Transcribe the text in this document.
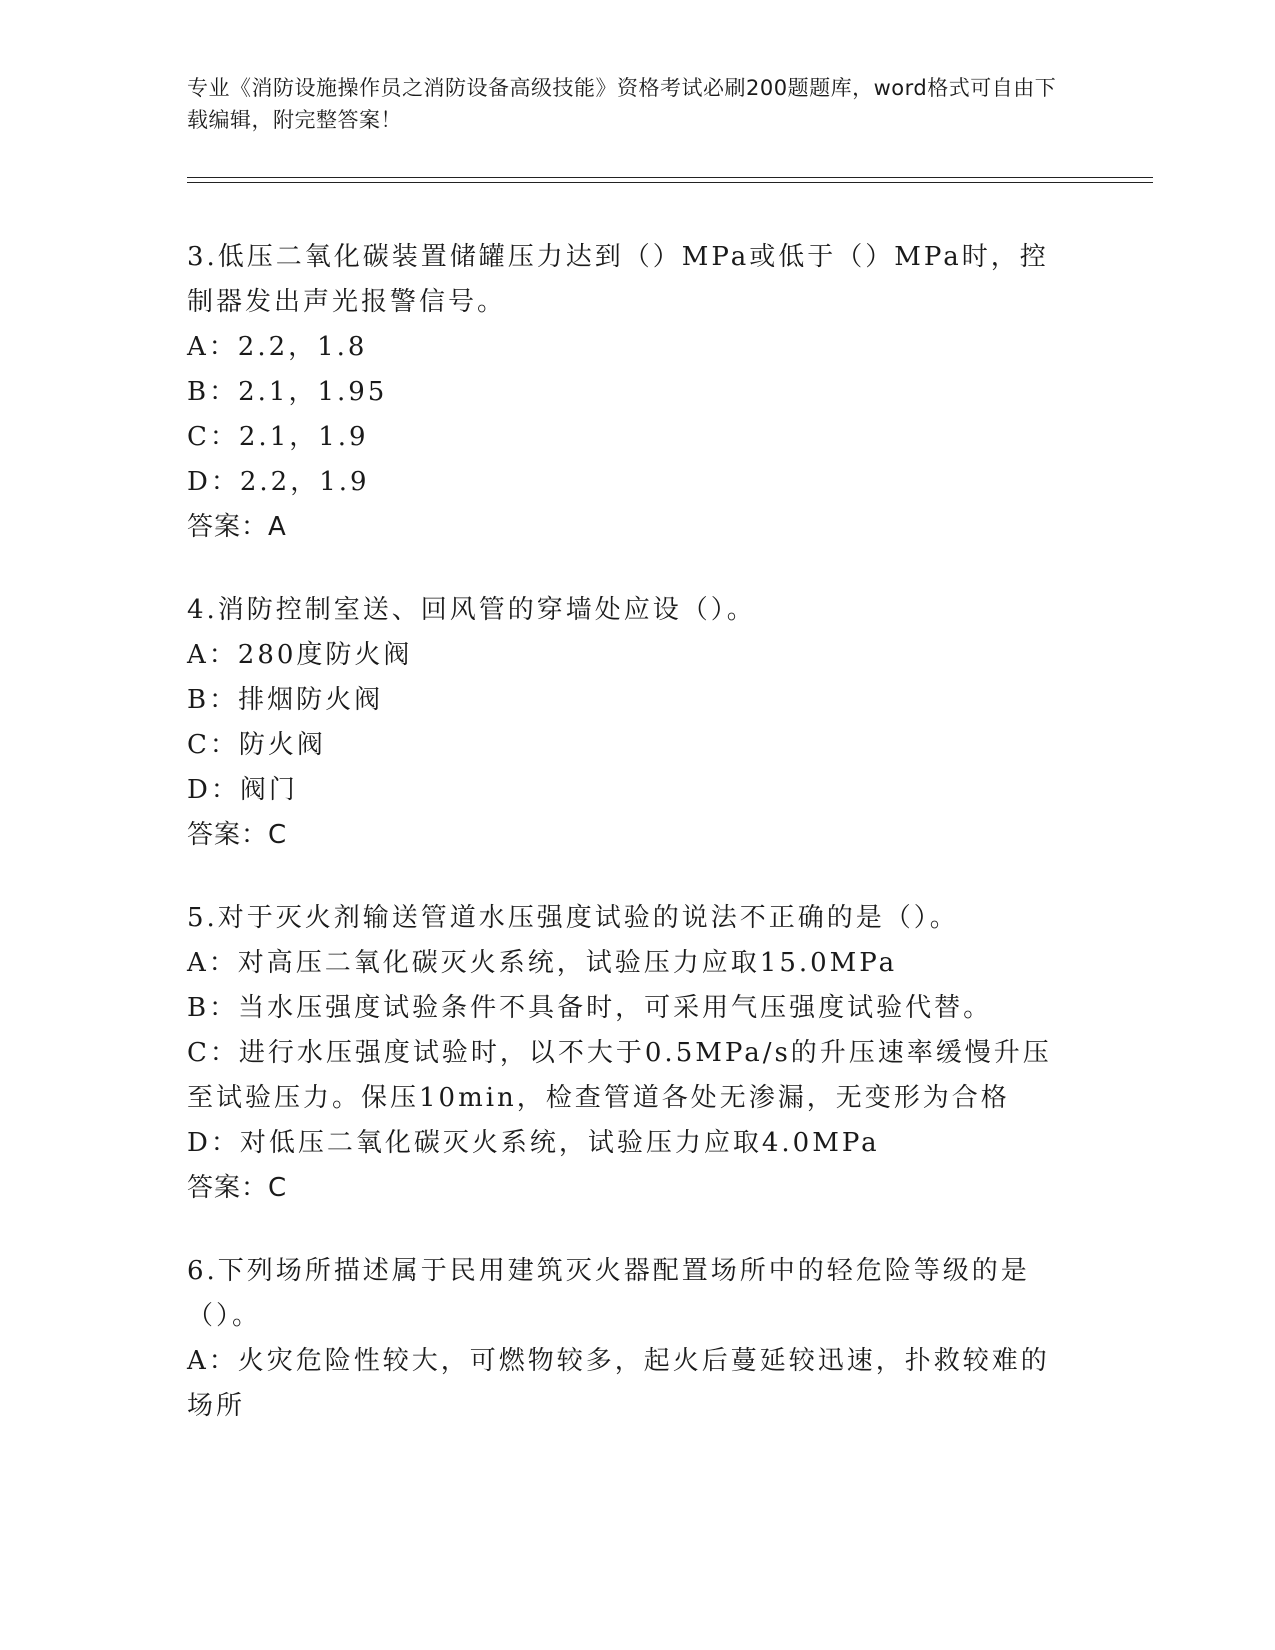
专业《消防设施操作员之消防设备高级技能》资格考试必刷200题题库，word格式可自由下载编辑，附完整答案！

3.低压二氧化碳装置储罐压力达到（）MPa或低于（）MPa时，控制器发出声光报警信号。

A：2.2，1.8

B：2.1，1.95

C：2.1，1.9

D：2.2，1.9

答案：A

4.消防控制室送、回风管的穿墙处应设（）。

A：280度防火阀

B：排烟防火阀

C：防火阀

D：阀门

答案：C

5.对于灭火剂输送管道水压强度试验的说法不正确的是（）。

A：对高压二氧化碳灭火系统，试验压力应取15.0MPa

B：当水压强度试验条件不具备时，可采用气压强度试验代替。

C：进行水压强度试验时，以不大于0.5MPa/s的升压速率缓慢升压至试验压力。保压10min，检查管道各处无渗漏，无变形为合格

D：对低压二氧化碳灭火系统，试验压力应取4.0MPa

答案：C

6.下列场所描述属于民用建筑灭火器配置场所中的轻危险等级的是（）。

A：火灾危险性较大，可燃物较多，起火后蔓延较迅速，扑救较难的场所
